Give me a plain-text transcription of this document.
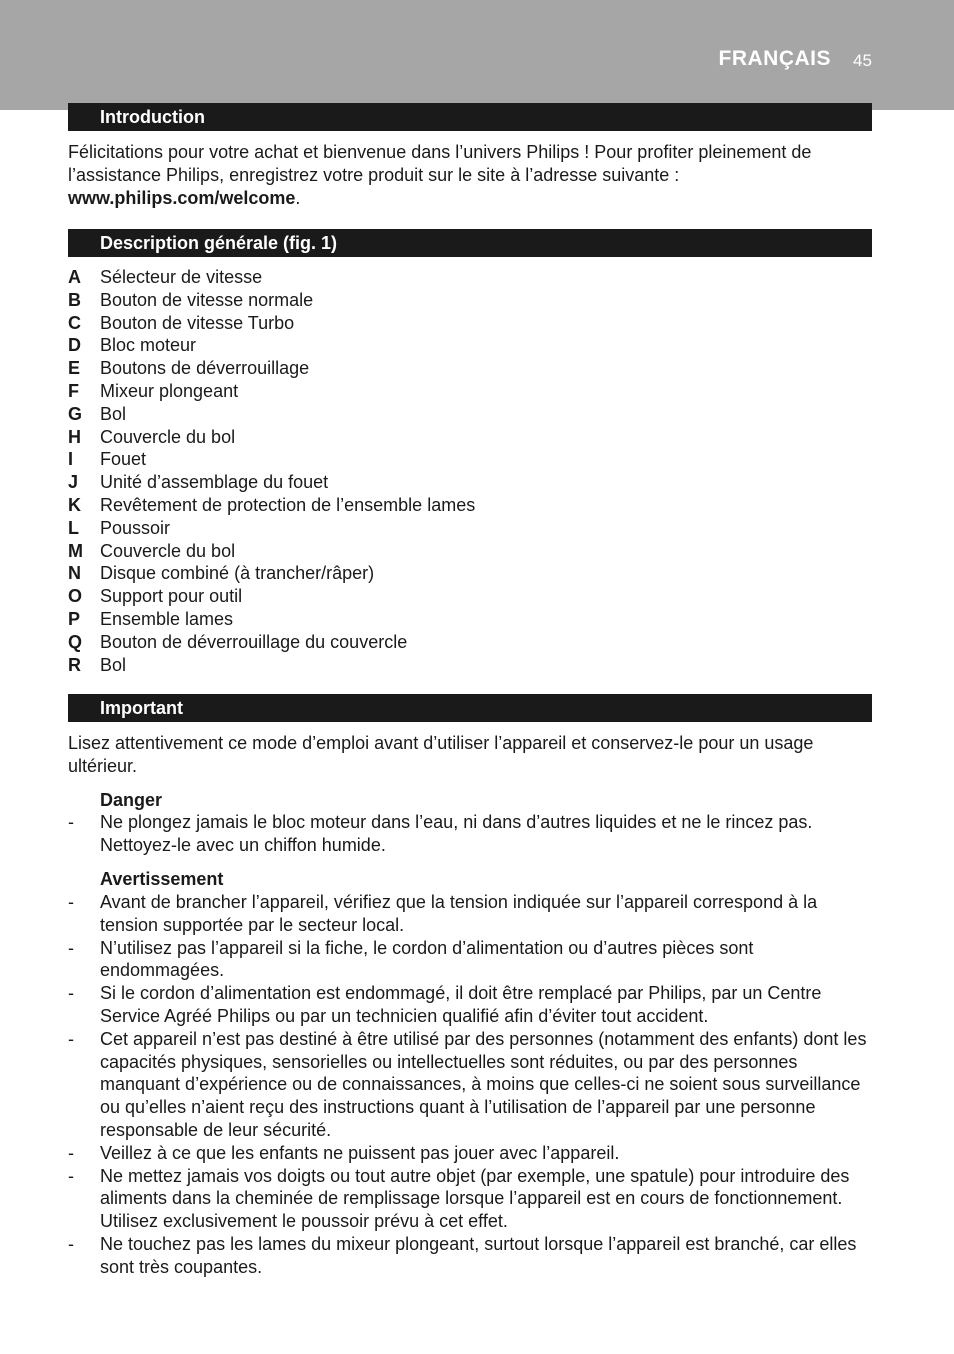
FRANÇAIS 45
Introduction

Félicitations pour votre achat et bienvenue dans l’univers Philips ! Pour profiter pleinement de l’assistance Philips, enregistrez votre produit sur le site à l’adresse suivante : www.philips.com/welcome.

Description générale (fig. 1)
A	Sélecteur de vitesse
B	Bouton de vitesse normale
C	Bouton de vitesse Turbo
D	Bloc moteur
E	Boutons de déverrouillage
F	Mixeur plongeant
G Bol
H	Couvercle du bol
I	Fouet
J	Unité d’assemblage du fouet
K	Revêtement de protection de l’ensemble lames
L	Poussoir
M Couvercle du bol
N	Disque combiné (à trancher/râper)
O Support pour outil
P	Ensemble lames
Q Bouton de déverrouillage du couvercle
R	Bol
Important

Lisez attentivement ce mode d’emploi avant d’utiliser l’appareil et conservez-le pour un usage ultérieur.

Danger
-	Ne plongez jamais le bloc moteur dans l’eau, ni dans d’autres liquides et ne le rincez pas. Nettoyez-le avec un chiffon humide.
Avertissement
-	Avant de brancher l’appareil, vérifiez que la tension indiquée sur l’appareil correspond à la tension supportée par le secteur local.
-	N’utilisez pas l’appareil si la fiche, le cordon d’alimentation ou d’autres pièces sont endommagées.
-	Si le cordon d’alimentation est endommagé, il doit être remplacé par Philips, par un Centre Service Agréé Philips ou par un technicien qualifié afin d’éviter tout accident.
-	Cet appareil n’est pas destiné à être utilisé par des personnes (notamment des enfants) dont les capacités physiques, sensorielles ou intellectuelles sont réduites, ou par des personnes manquant d’expérience ou de connaissances, à moins que celles-ci ne soient sous surveillance ou qu’elles n’aient reçu des instructions quant à l’utilisation de l’appareil par une personne responsable de leur sécurité.
-	Veillez à ce que les enfants ne puissent pas jouer avec l’appareil.
-	Ne mettez jamais vos doigts ou tout autre objet (par exemple, une spatule) pour introduire des aliments dans la cheminée de remplissage lorsque l’appareil est en cours de fonctionnement. Utilisez exclusivement le poussoir prévu à cet effet.
-	Ne touchez pas les lames du mixeur plongeant, surtout lorsque l’appareil est branché, car elles sont très coupantes.
